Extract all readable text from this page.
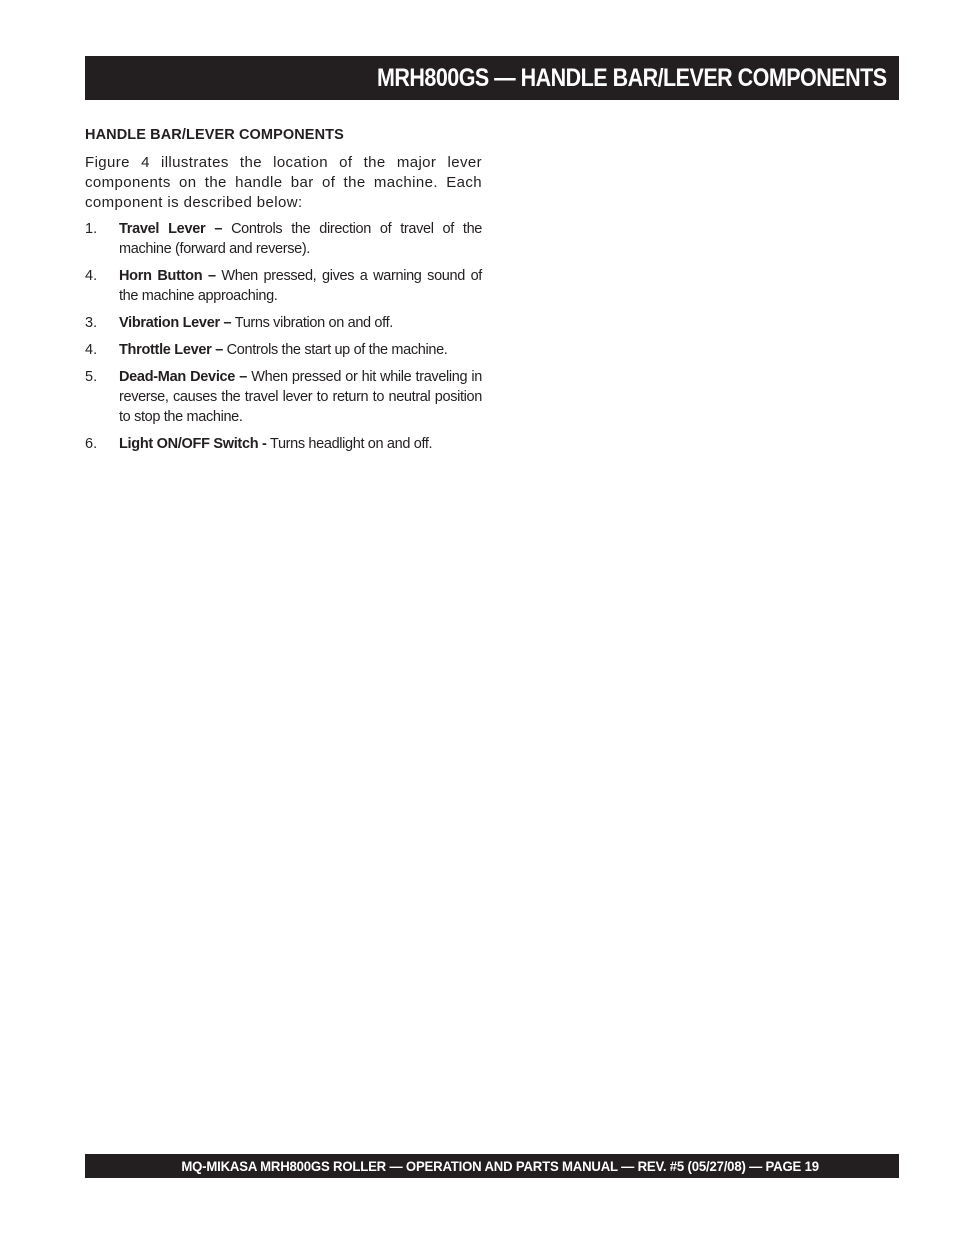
MRH800GS — HANDLE BAR/LEVER COMPONENTS
HANDLE BAR/LEVER COMPONENTS

Figure 4 illustrates the location of the major lever components on the handle bar of the machine. Each component is described below:

1.	Travel Lever – Controls the direction of travel of the machine (forward and reverse).
4.	Horn Button – When pressed, gives a warning sound of the machine approaching.
3.	Vibration Lever – Turns vibration on and off.
4.	Throttle Lever – Controls the start up of the machine.
5.	Dead-Man Device – When pressed or hit while traveling in reverse, causes the travel lever to return to neutral position to stop the machine.
6.	Light ON/OFF Switch - Turns headlight on and off.
MQ-MIKASA MRH800GS ROLLER — OPERATION AND PARTS MANUAL — REV. #5 (05/27/08) — PAGE 19
